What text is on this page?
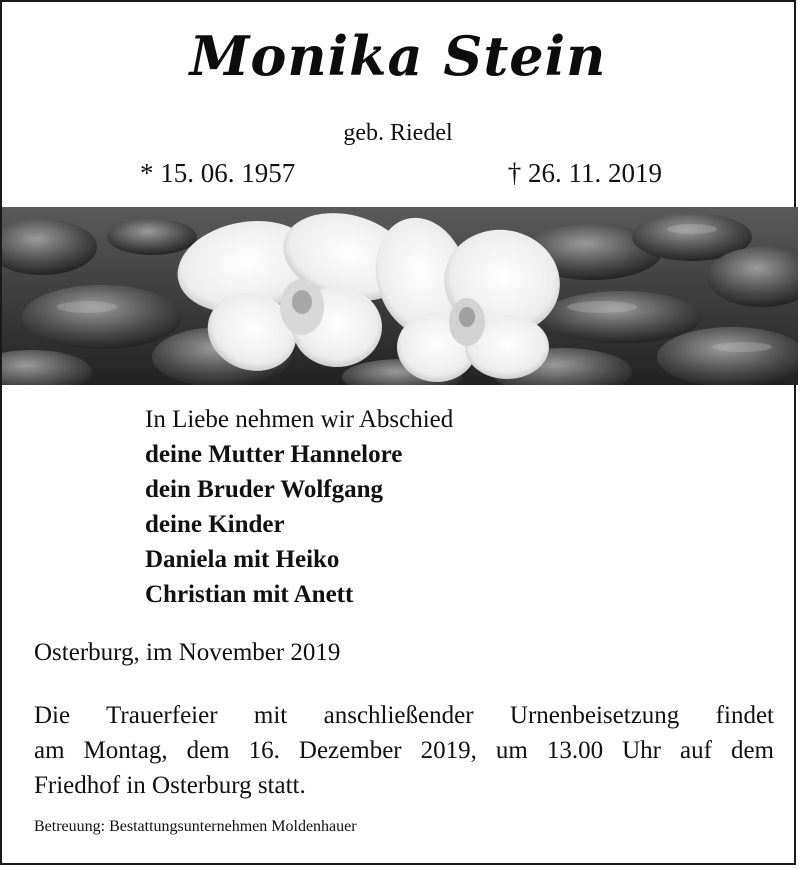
Monika Stein
geb. Riedel
* 15. 06. 1957	† 26. 11. 2019
In Liebe nehmen wir Abschied
deine Mutter Hannelore
dein Bruder Wolfgang
deine Kinder
Daniela mit Heiko
Christian mit Anett
Osterburg, im November 2019
Die Trauerfeier mit anschließender Urnenbeisetzung findet
am Montag, dem 16. Dezember 2019, um 13.00 Uhr auf dem
Friedhof in Osterburg statt.
Betreuung: Bestattungsunternehmen Moldenhauer
